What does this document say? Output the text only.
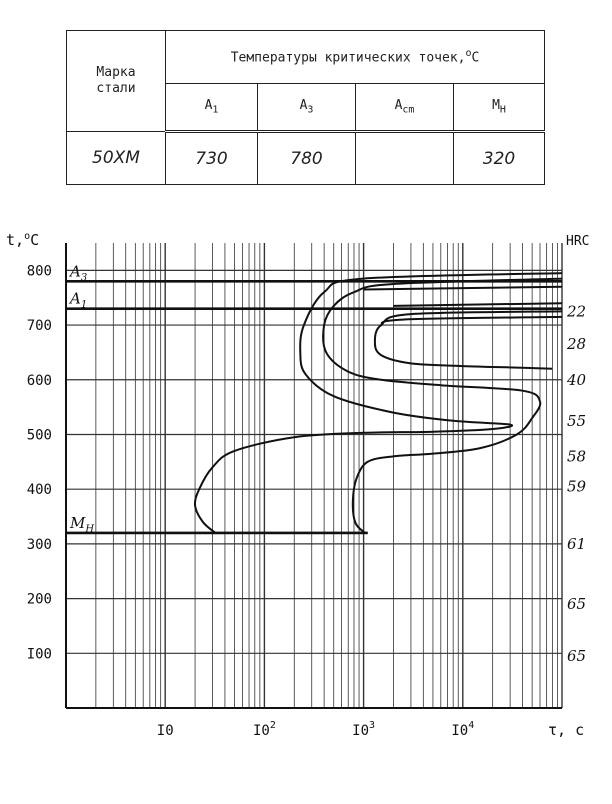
Марка
стали	Температуры критических точек,$^o$C			
	$A_1$	$A_3$	$A_{cm}$	$M_H$
50ХМ	730	780		320
$A_3$
$A_1$
$M_H$
t,$^o$C	HRC
τ, c
I00
200
300
400
500
600
700
800
I0	$I0^2$	$I0^3$	$I0^4$
22
28
40
55
58
59
61
65
65
